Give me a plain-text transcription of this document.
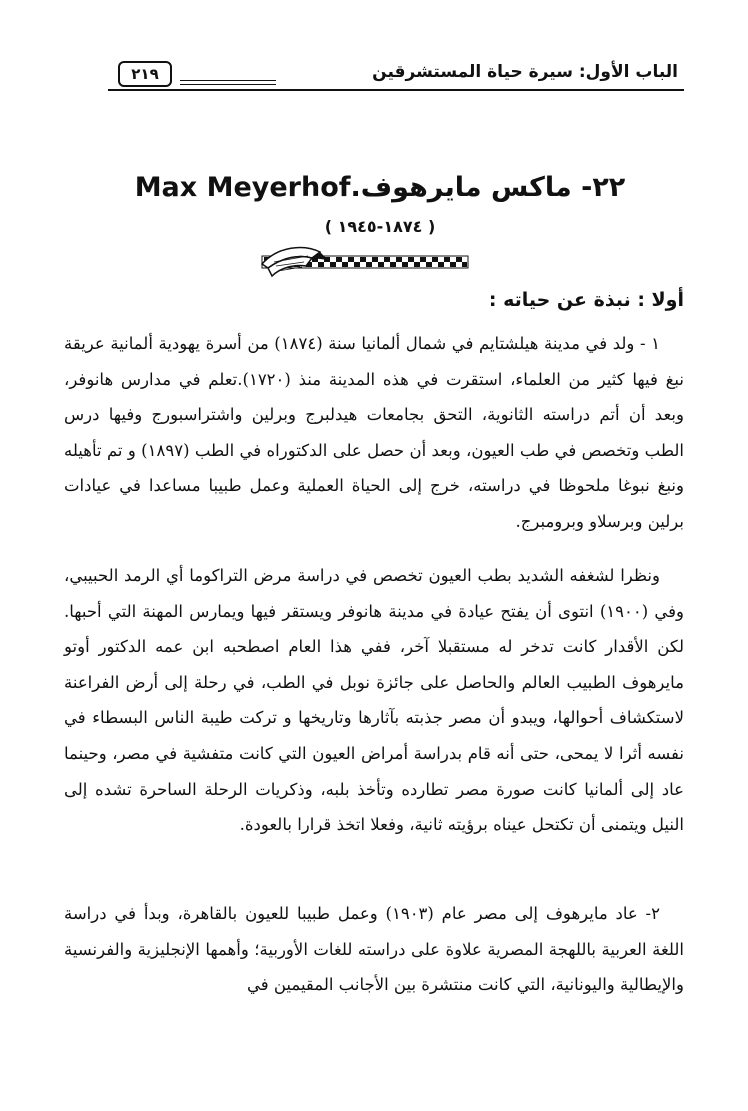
الباب الأول: سيرة حياة المستشرقين
٢١٩
٢٢- ماكس مايرهوف.Max Meyerhof
( ١٨٧٤-١٩٤٥ )
أولا : نبذة عن حياته :

١ - ولد في مدينة هيلشتايم في شمال ألمانيا سنة (١٨٧٤) من أسرة يهودية ألمانية عريقة نبغ فيها كثير من العلماء، استقرت في هذه المدينة منذ (١٧٢٠).تعلم في مدارس هانوفر، وبعد أن أتم دراسته الثانوية، التحق بجامعات هيدلبرج وبرلين واشتراسبورج وفيها درس الطب وتخصص في طب العيون، وبعد أن حصل على الدكتوراه في الطب (١٨٩٧) و تم تأهيله ونبغ نبوغا ملحوظا في دراسته، خرج إلى الحياة العملية وعمل طبيبا مساعدا في عيادات برلين وبرسلاو وبرومبرج.

ونظرا لشغفه الشديد بطب العيون تخصص في دراسة مرض التراكوما أي الرمد الحبيبي، وفي (١٩٠٠) انتوى أن يفتح عيادة في مدينة هانوفر ويستقر فيها ويمارس المهنة التي أحبها. لكن الأقدار كانت تدخر له مستقبلا آخر، ففي هذا العام اصطحبه ابن عمه الدكتور أوتو مايرهوف الطبيب العالم والحاصل على جائزة نوبل في الطب، في رحلة إلى أرض الفراعنة لاستكشاف أحوالها، ويبدو أن مصر جذبته بآثارها وتاريخها و تركت طيبة الناس البسطاء في نفسه أثرا لا يمحى، حتى أنه قام بدراسة أمراض العيون التي كانت متفشية في مصر، وحينما عاد إلى ألمانيا كانت صورة مصر تطارده وتأخذ بلبه، وذكريات الرحلة الساحرة تشده إلى النيل ويتمنى أن تكتحل عيناه برؤيته ثانية، وفعلا اتخذ قرارا بالعودة.

٢- عاد مايرهوف إلى مصر عام (١٩٠٣) وعمل طبيبا للعيون بالقاهرة، وبدأ في دراسة اللغة العربية باللهجة المصرية علاوة على دراسته للغات الأوربية؛ وأهمها الإنجليزية والفرنسية والإيطالية واليونانية، التي كانت منتشرة بين الأجانب المقيمين في
